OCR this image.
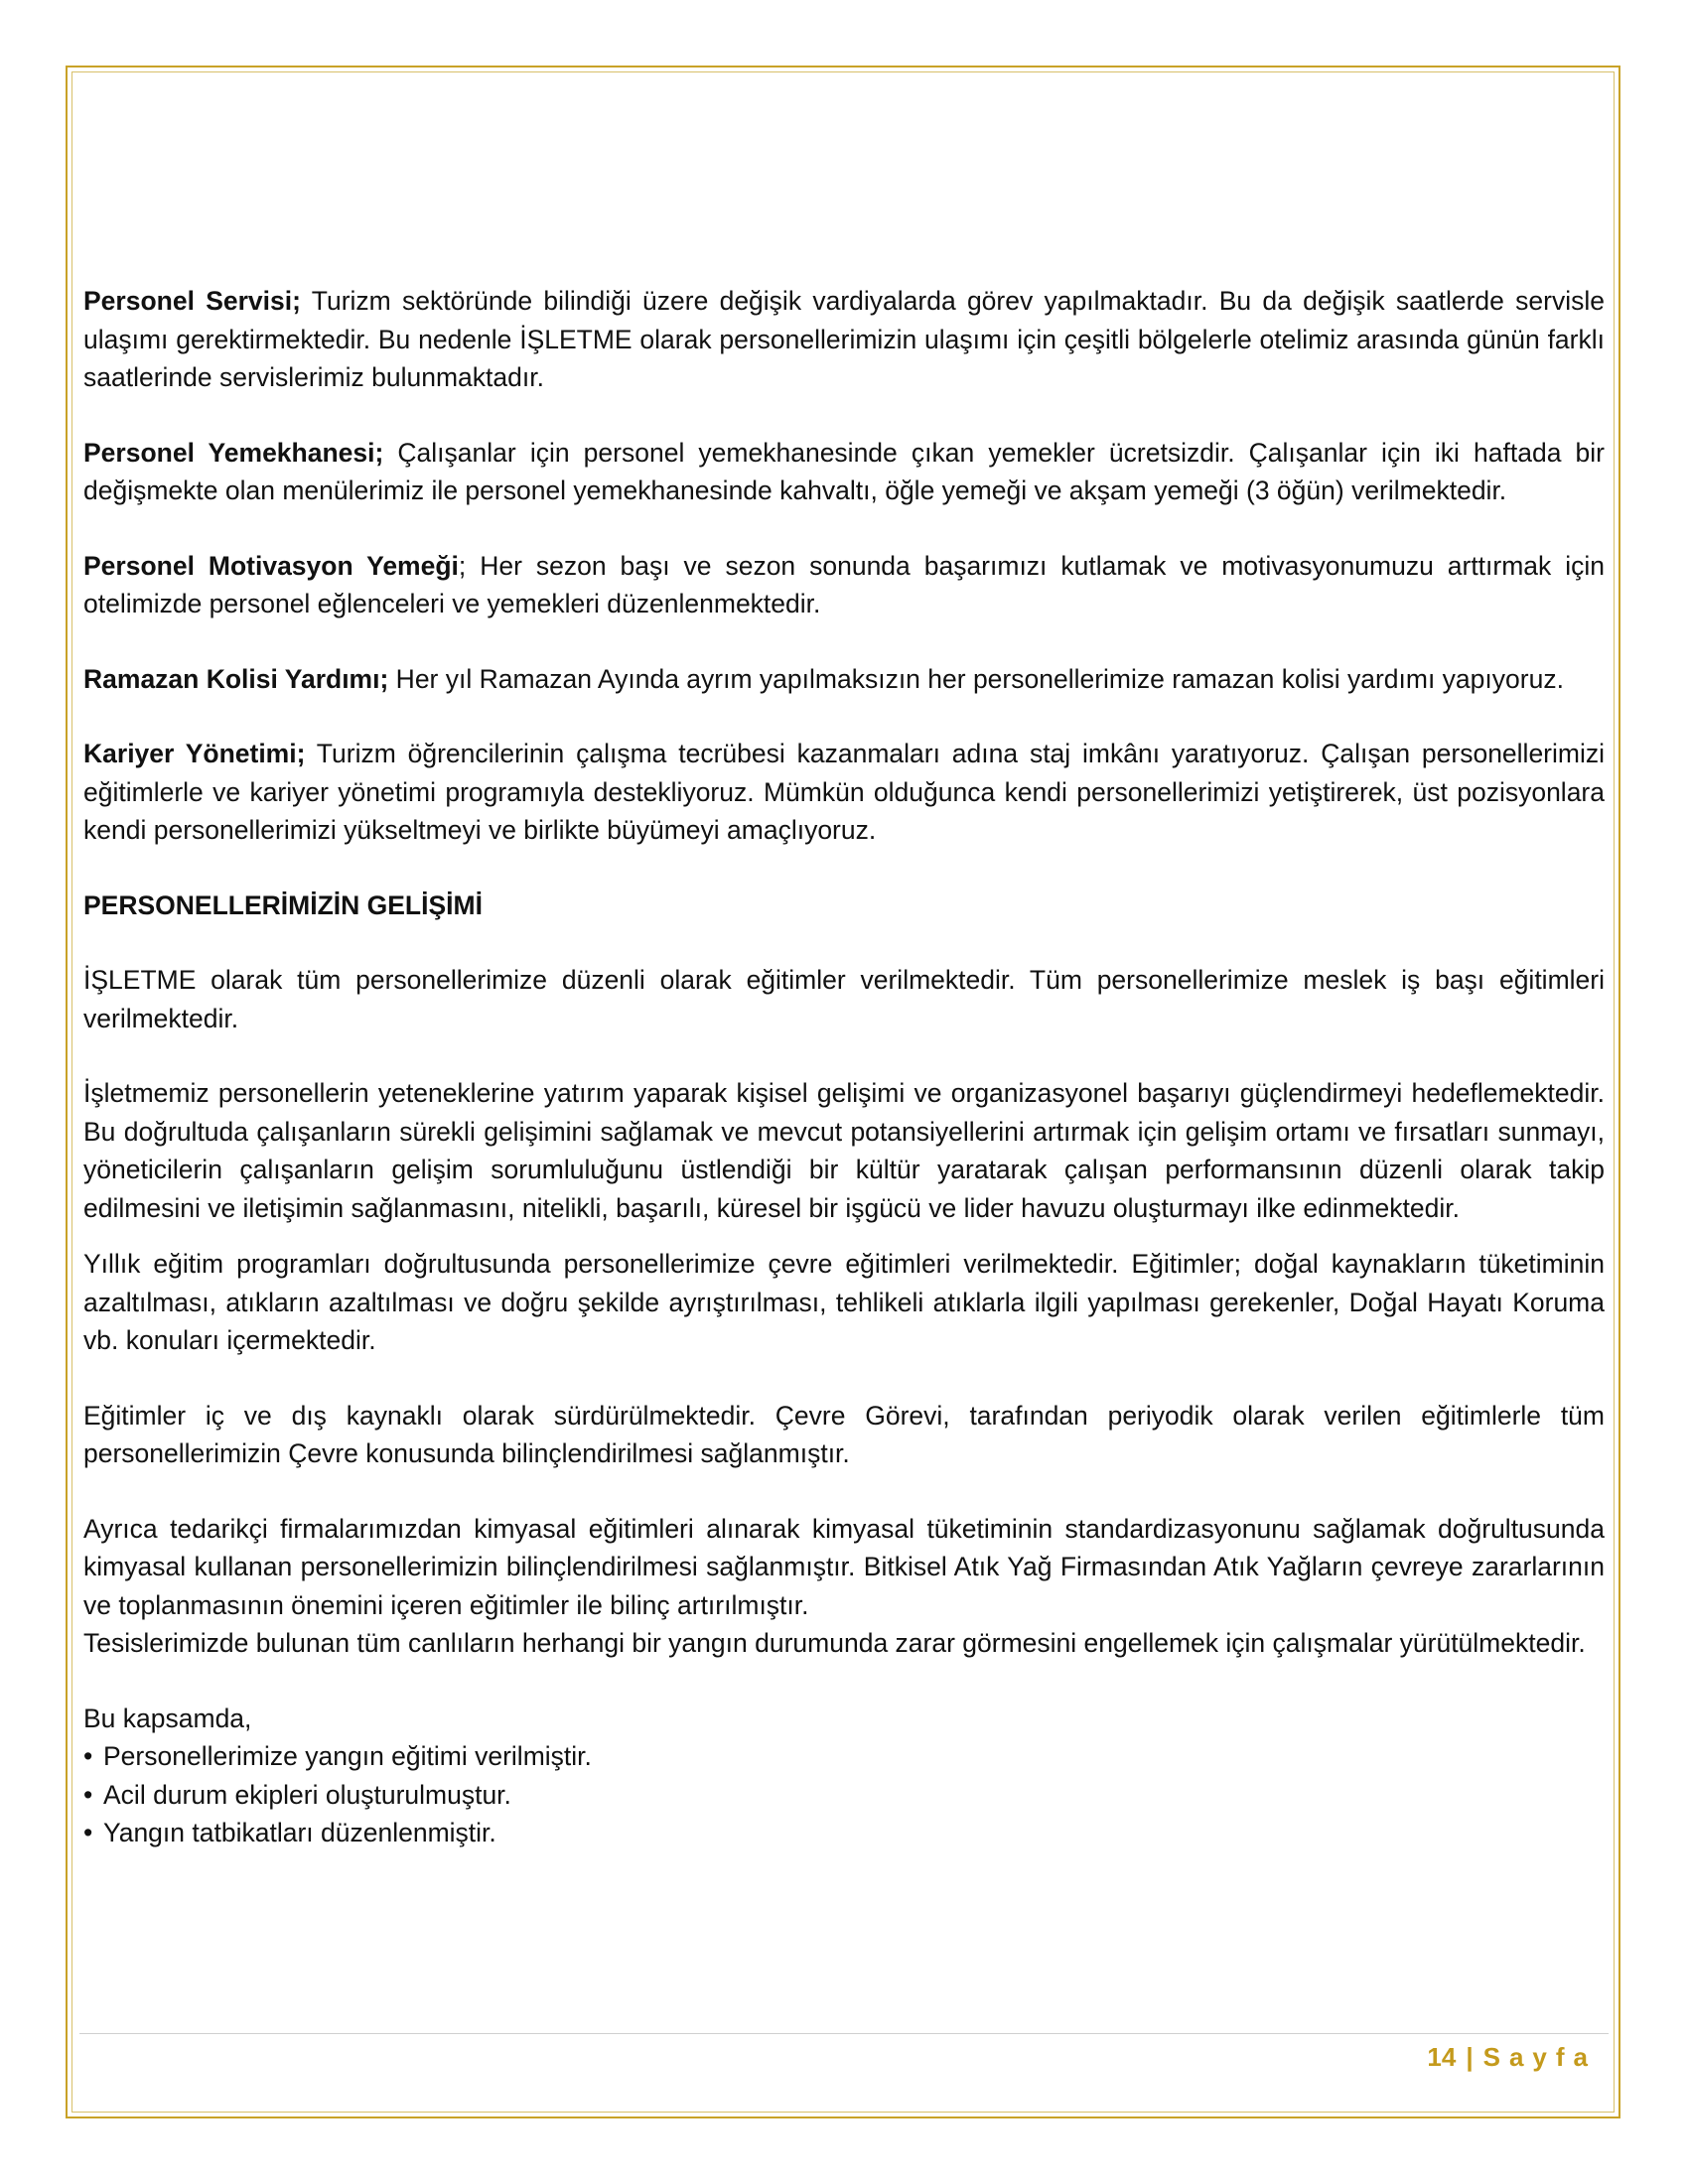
Personel Servisi; Turizm sektöründe bilindiği üzere değişik vardiyalarda görev yapılmaktadır. Bu da değişik saatlerde servisle ulaşımı gerektirmektedir. Bu nedenle İŞLETME olarak personellerimizin ulaşımı için çeşitli bölgelerle otelimiz arasında günün farklı saatlerinde servislerimiz bulunmaktadır.

Personel Yemekhanesi; Çalışanlar için personel yemekhanesinde çıkan yemekler ücretsizdir. Çalışanlar için iki haftada bir değişmekte olan menülerimiz ile personel yemekhanesinde kahvaltı, öğle yemeği ve akşam yemeği (3 öğün) verilmektedir.

Personel Motivasyon Yemeği; Her sezon başı ve sezon sonunda başarımızı kutlamak ve motivasyonumuzu arttırmak için otelimizde personel eğlenceleri ve yemekleri düzenlenmektedir.

Ramazan Kolisi Yardımı; Her yıl Ramazan Ayında ayrım yapılmaksızın her personellerimize ramazan kolisi yardımı yapıyoruz.

Kariyer Yönetimi; Turizm öğrencilerinin çalışma tecrübesi kazanmaları adına staj imkânı yaratıyoruz. Çalışan personellerimizi eğitimlerle ve kariyer yönetimi programıyla destekliyoruz. Mümkün olduğunca kendi personellerimizi yetiştirerek, üst pozisyonlara kendi personellerimizi yükseltmeyi ve birlikte büyümeyi amaçlıyoruz.

PERSONELLERİMİZİN GELİŞİMİ

İŞLETME olarak tüm personellerimize düzenli olarak eğitimler verilmektedir. Tüm personellerimize meslek iş başı eğitimleri verilmektedir.

İşletmemiz personellerin yeteneklerine yatırım yaparak kişisel gelişimi ve organizasyonel başarıyı güçlendirmeyi hedeflemektedir. Bu doğrultuda çalışanların sürekli gelişimini sağlamak ve mevcut potansiyellerini artırmak için gelişim ortamı ve fırsatları sunmayı, yöneticilerin çalışanların gelişim sorumluluğunu üstlendiği bir kültür yaratarak çalışan performansının düzenli olarak takip edilmesini ve iletişimin sağlanmasını, nitelikli, başarılı, küresel bir işgücü ve lider havuzu oluşturmayı ilke edinmektedir.

Yıllık eğitim programları doğrultusunda personellerimize çevre eğitimleri verilmektedir. Eğitimler; doğal kaynakların tüketiminin azaltılması, atıkların azaltılması ve doğru şekilde ayrıştırılması, tehlikeli atıklarla ilgili yapılması gerekenler, Doğal Hayatı Koruma vb. konuları içermektedir.

Eğitimler iç ve dış kaynaklı olarak sürdürülmektedir. Çevre Görevi, tarafından periyodik olarak verilen eğitimlerle tüm personellerimizin Çevre konusunda bilinçlendirilmesi sağlanmıştır.

Ayrıca tedarikçi firmalarımızdan kimyasal eğitimleri alınarak kimyasal tüketiminin standardizasyonunu sağlamak doğrultusunda kimyasal kullanan personellerimizin bilinçlendirilmesi sağlanmıştır. Bitkisel Atık Yağ Firmasından Atık Yağların çevreye zararlarının ve toplanmasının önemini içeren eğitimler ile bilinç artırılmıştır.

Tesislerimizde bulunan tüm canlıların herhangi bir yangın durumunda zarar görmesini engellemek için çalışmalar yürütülmektedir.

Bu kapsamda,

• Personellerimize yangın eğitimi verilmiştir.
• Acil durum ekipleri oluşturulmuştur.
• Yangın tatbikatları düzenlenmiştir.
14 | Sayfa
